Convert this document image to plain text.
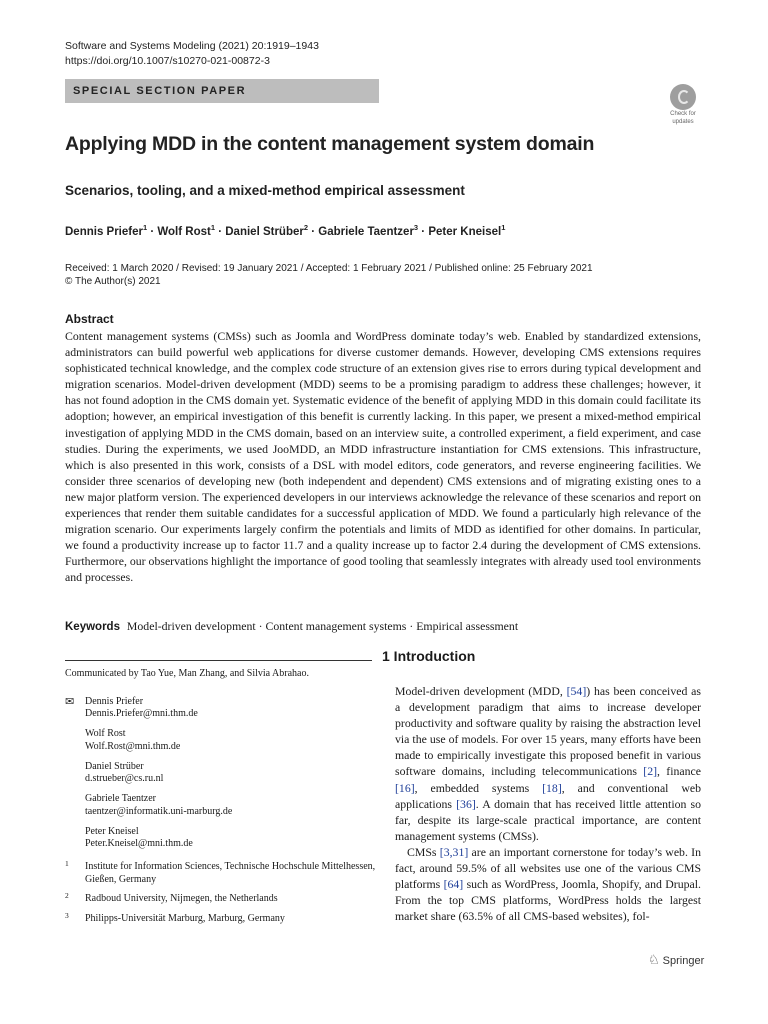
Software and Systems Modeling (2021) 20:1919–1943
https://doi.org/10.1007/s10270-021-00872-3
SPECIAL SECTION PAPER
Check for
updates
Applying MDD in the content management system domain
Scenarios, tooling, and a mixed-method empirical assessment
Dennis Priefer$^1$ · Wolf Rost$^1$ · Daniel Strüber$^2$ · Gabriele Taentzer$^3$ · Peter Kneisel$^1$
Received: 1 March 2020 / Revised: 19 January 2021 / Accepted: 1 February 2021 / Published online: 25 February 2021
© The Author(s) 2021
Abstract
Content management systems (CMSs) such as Joomla and WordPress dominate today’s web. Enabled by standardized extensions, administrators can build powerful web applications for diverse customer demands. However, developing CMS extensions requires sophisticated technical knowledge, and the complex code structure of an extension gives rise to errors during typical development and migration scenarios. Model-driven development (MDD) seems to be a promising paradigm to address these challenges; however, it has not found adoption in the CMS domain yet. Systematic evidence of the benefit of applying MDD in this domain could facilitate its adoption; however, an empirical investigation of this benefit is currently lacking. In this paper, we present a mixed-method empirical investigation of applying MDD in the CMS domain, based on an interview suite, a controlled experiment, a field experiment, and case studies. During the experiments, we used JooMDD, an MDD infrastructure instantiation for CMS extensions. This infrastructure, which is also presented in this work, consists of a DSL with model editors, code generators, and reverse engineering facilities. We consider three scenarios of developing new (both independent and dependent) CMS extensions and of migrating existing ones to a new major platform version. The experienced developers in our interviews acknowledge the relevance of these scenarios and report on experiences that render them suitable candidates for a successful application of MDD. We found a particularly high relevance of the migration scenario. Our experiments largely confirm the potentials and limits of MDD as identified for other domains. In particular, we found a productivity increase up to factor 11.7 and a quality increase up to factor 2.4 during the development of CMS extensions. Furthermore, our observations highlight the importance of good tooling that seamlessly integrates with already used tool environments and processes.
Keywords Model-driven development · Content management systems · Empirical assessment
Communicated by Tao Yue, Man Zhang, and Silvia Abrahao.
✉ Dennis Priefer
Dennis.Priefer@mni.thm.de
Wolf Rost
Wolf.Rost@mni.thm.de
Daniel Strüber
d.strueber@cs.ru.nl
Gabriele Taentzer
taentzer@informatik.uni-marburg.de
Peter Kneisel
Peter.Kneisel@mni.thm.de
1 Institute for Information Sciences, Technische Hochschule Mittelhessen, Gießen, Germany
2 Radboud University, Nijmegen, the Netherlands
3 Philipps-Universität Marburg, Marburg, Germany
1 Introduction

Model-driven development (MDD, [54]) has been conceived as a development paradigm that aims to increase developer productivity and software quality by raising the abstraction level via the use of models. For over 15 years, many efforts have been made to empirically investigate this proposed benefit in various software domains, including telecommunications [2], finance [16], embedded systems [18], and conventional web applications [36]. A domain that has received little attention so far, despite its large-scale practical importance, are content management systems (CMSs).

CMSs [3,31] are an important cornerstone for today’s web. In fact, around 59.5% of all websites use one of the various CMS platforms [64] such as WordPress, Joomla, Shopify, and Drupal. From the top CMS platforms, WordPress holds the largest market share (63.5% of all CMS-based websites), fol-

♘ Springer
